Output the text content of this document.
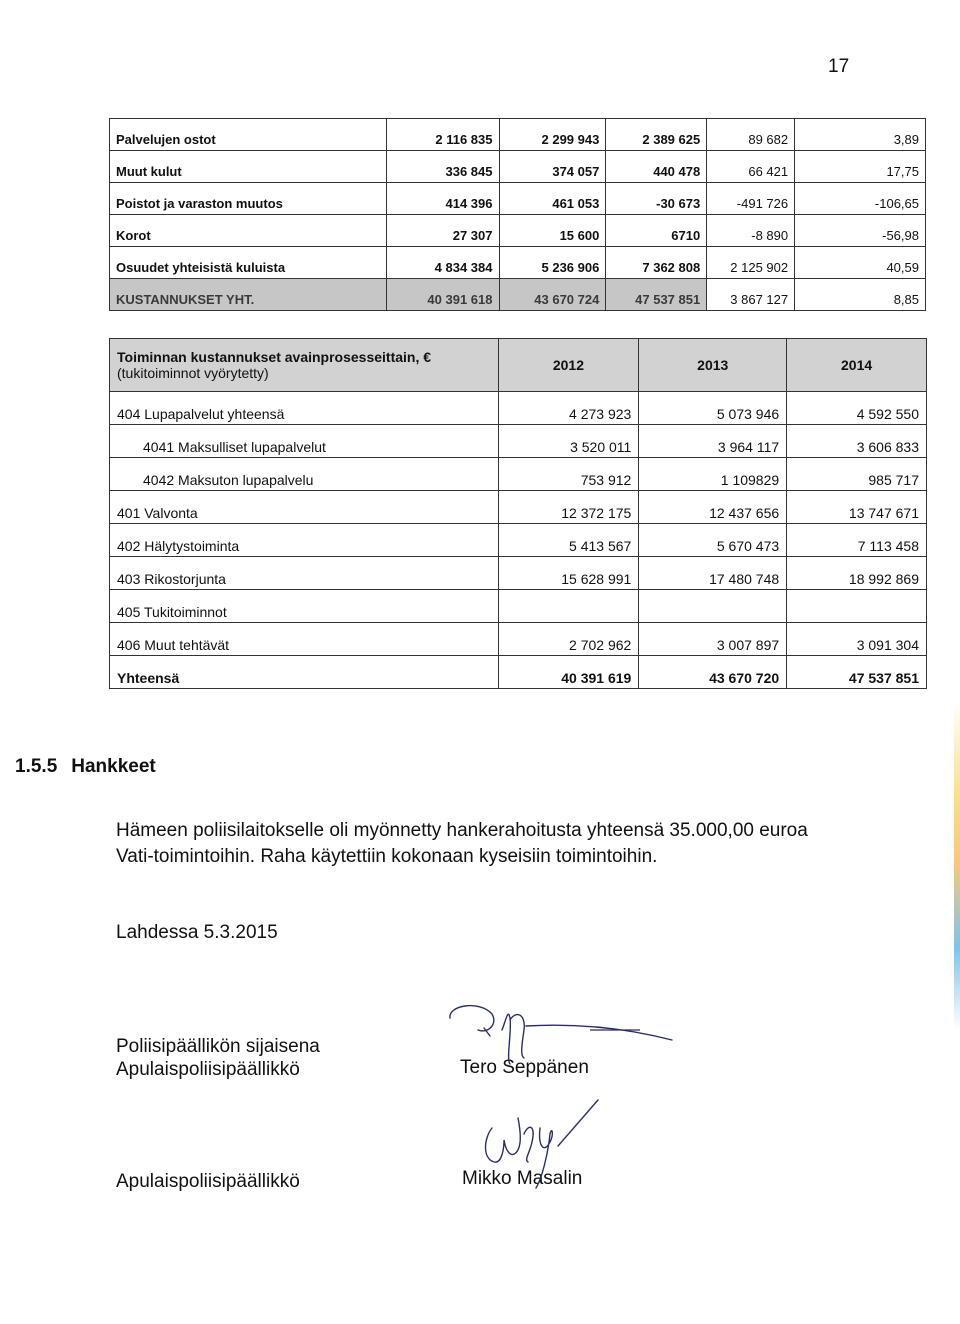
17
Palvelujen ostot	2 116 835	2 299 943	2 389 625	89 682	3,89
Muut kulut	336 845	374 057	440 478	66 421	17,75
Poistot ja varaston muutos	414 396	461 053	-30 673	-491 726	-106,65
Korot	27 307	15 600	6710	-8 890	-56,98
Osuudet yhteisistä kuluista	4 834 384	5 236 906	7 362 808	2 125 902	40,59
KUSTANNUKSET YHT.	40 391 618	43 670 724	47 537 851	3 867 127	8,85
Toiminnan kustannukset avainprosesseittain, €
(tukitoiminnot vyörytetty)	2012	2013	2014
404 Lupapalvelut yhteensä	4 273 923	5 073 946	4 592 550
4041 Maksulliset lupapalvelut	3 520 011	3 964 117	3 606 833
4042 Maksuton lupapalvelu	753 912	1 109829	985 717
401 Valvonta	12 372 175	12 437 656	13 747 671
402 Hälytystoiminta	5 413 567	5 670 473	7 113 458
403 Rikostorjunta	15 628 991	17 480 748	18 992 869
405 Tukitoiminnot			
406 Muut tehtävät	2 702 962	3 007 897	3 091 304
Yhteensä	40 391 619	43 670 720	47 537 851
1.5.5 Hankkeet
Hämeen poliisilaitokselle oli myönnetty hankerahoitusta yhteensä 35.000,00 euroa
Vati-toimintoihin. Raha käytettiin kokonaan kyseisiin toimintoihin.
Lahdessa 5.3.2015
Poliisipäällikön sijaisena
Apulaispoliisipäällikkö	Tero Seppänen
Apulaispoliisipäällikkö	Mikko Masalin
